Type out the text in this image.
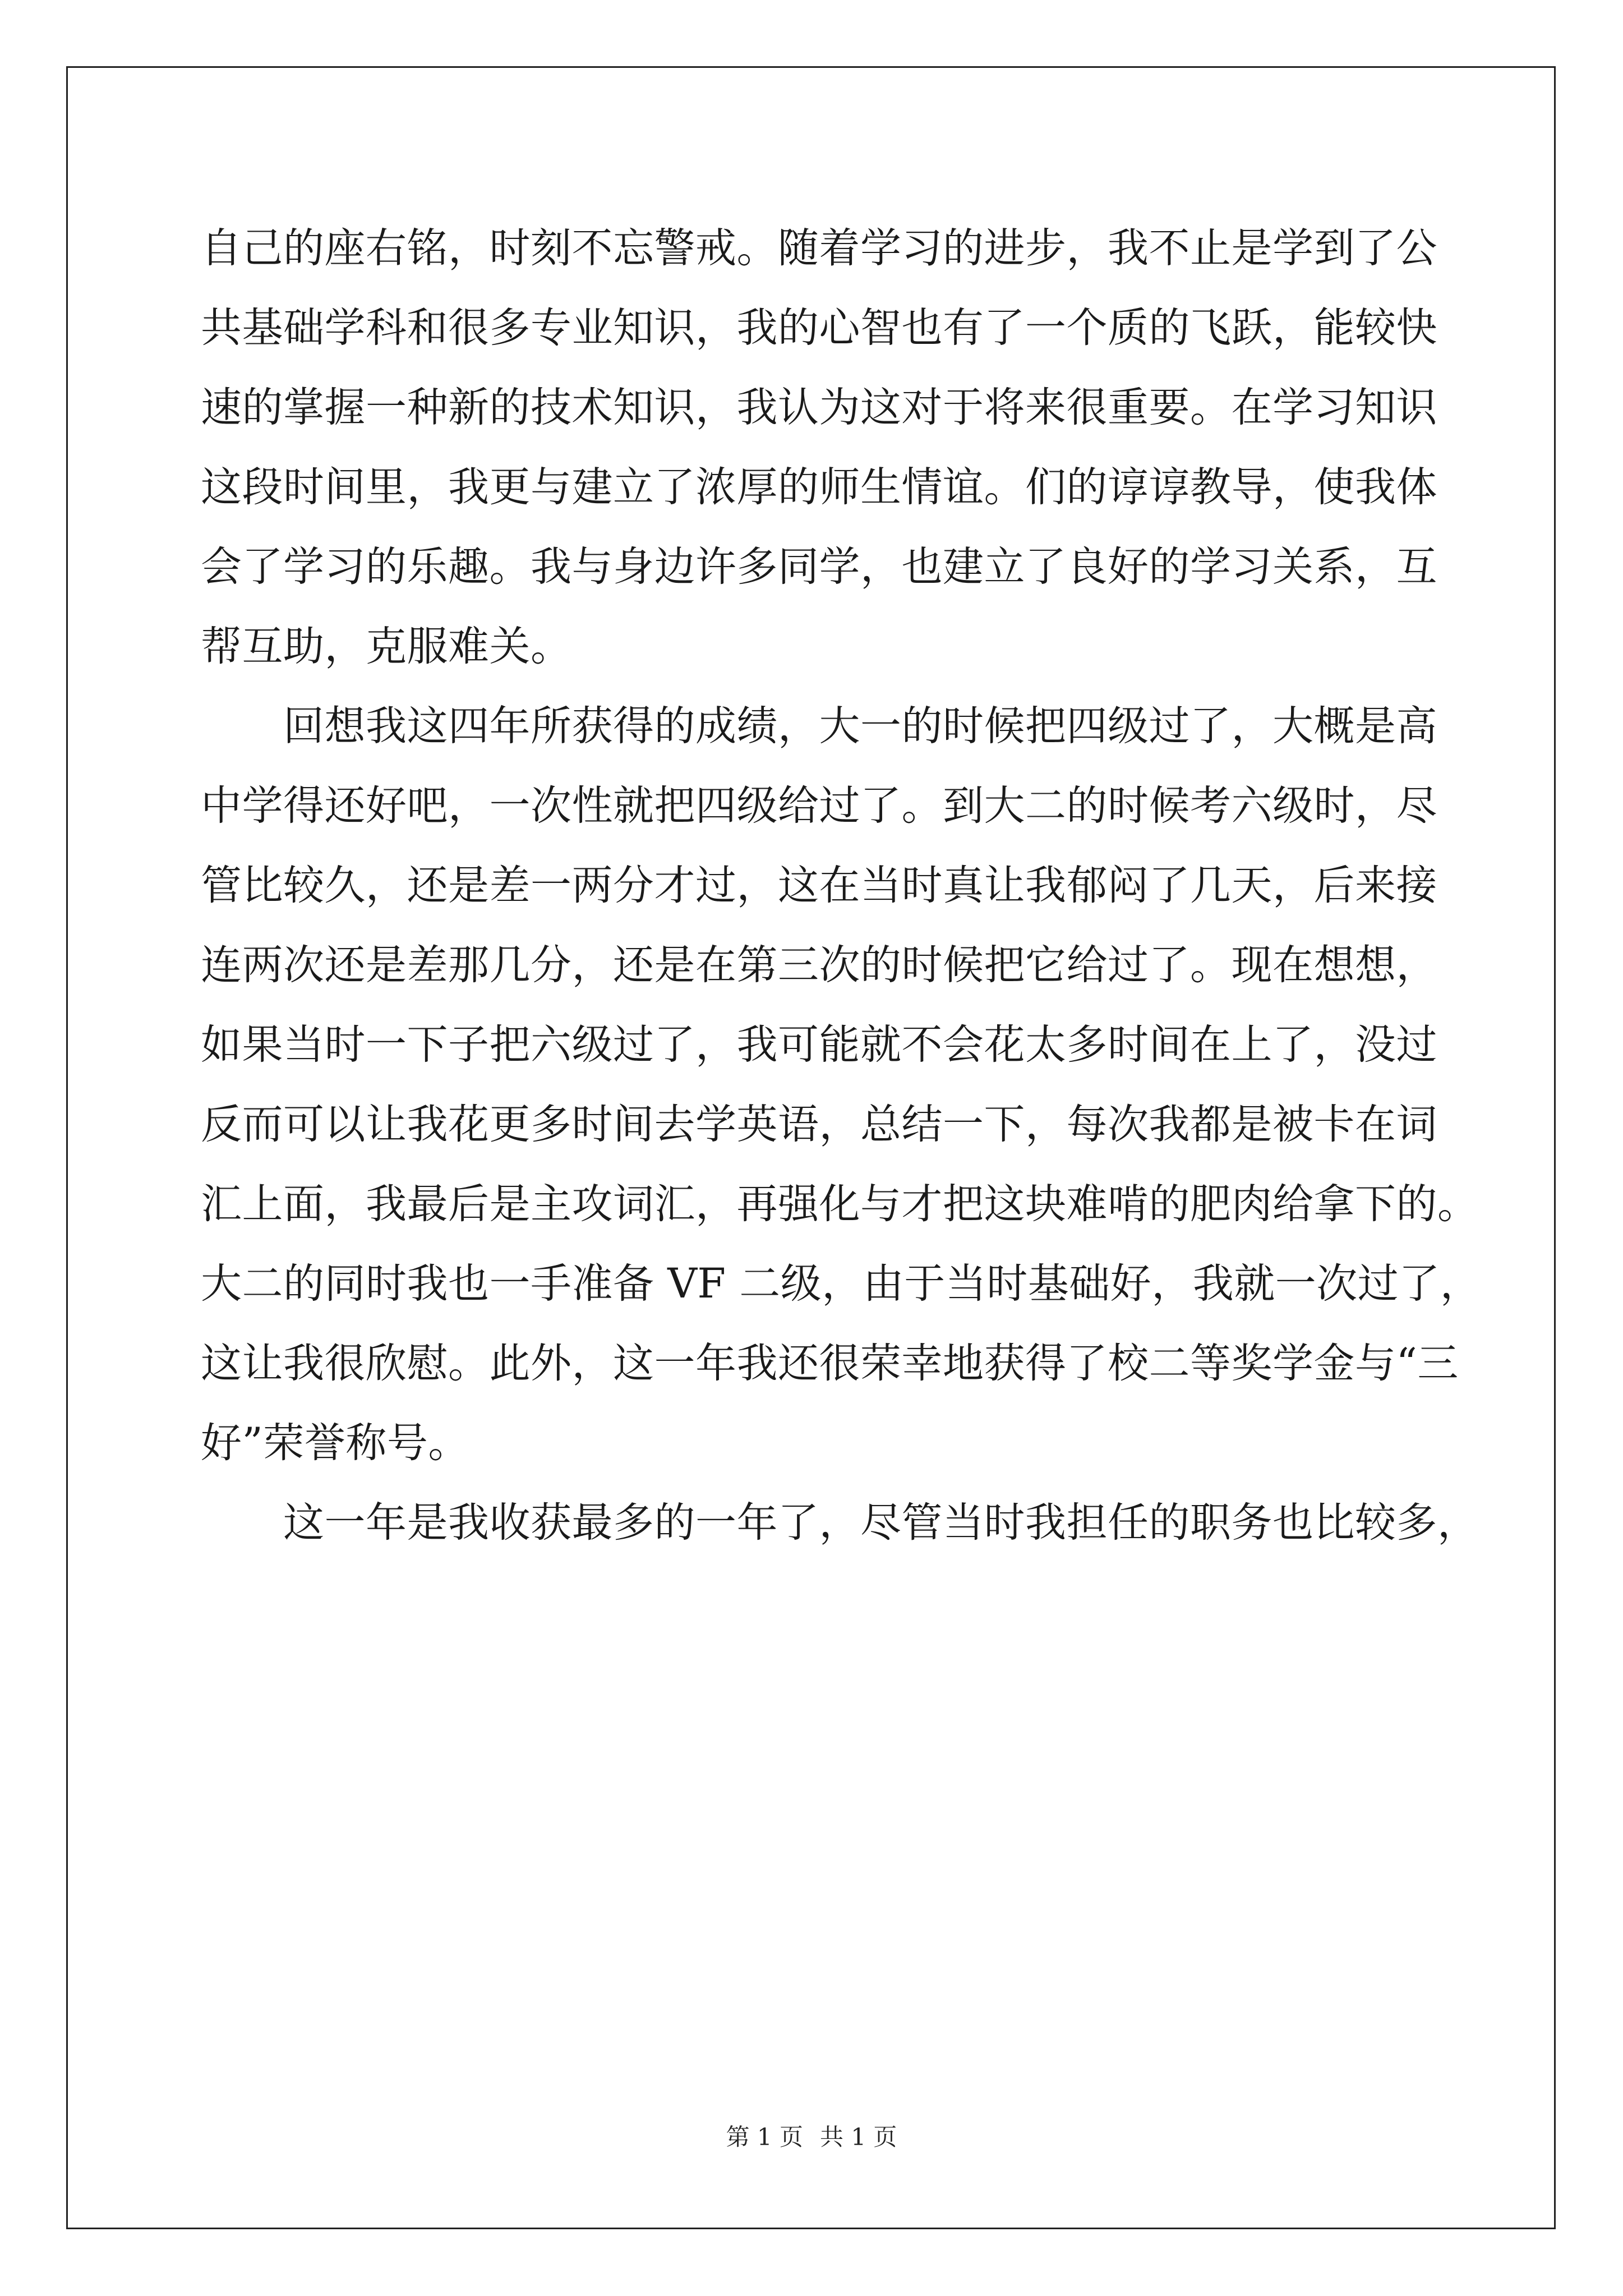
自己的座右铭，时刻不忘警戒。随着学习的进步，我不止是学到了公
共基础学科和很多专业知识，我的心智也有了一个质的飞跃，能较快
速的掌握一种新的技术知识，我认为这对于将来很重要。在学习知识
这段时间里，我更与建立了浓厚的师生情谊。们的谆谆教导，使我体
会了学习的乐趣。我与身边许多同学，也建立了良好的学习关系，互
帮互助，克服难关。
　　回想我这四年所获得的成绩，大一的时候把四级过了，大概是高
中学得还好吧，一次性就把四级给过了。到大二的时候考六级时，尽
管比较久，还是差一两分才过，这在当时真让我郁闷了几天，后来接
连两次还是差那几分，还是在第三次的时候把它给过了。现在想想，
如果当时一下子把六级过了，我可能就不会花太多时间在上了，没过
反而可以让我花更多时间去学英语，总结一下，每次我都是被卡在词
汇上面，我最后是主攻词汇，再强化与才把这块难啃的肥肉给拿下的。
大二的同时我也一手准备 VF 二级，由于当时基础好，我就一次过了，
这让我很欣慰。此外，这一年我还很荣幸地获得了校二等奖学金与“三
好”荣誉称号。
　　这一年是我收获最多的一年了，尽管当时我担任的职务也比较多，
第 1 页 共 1 页
